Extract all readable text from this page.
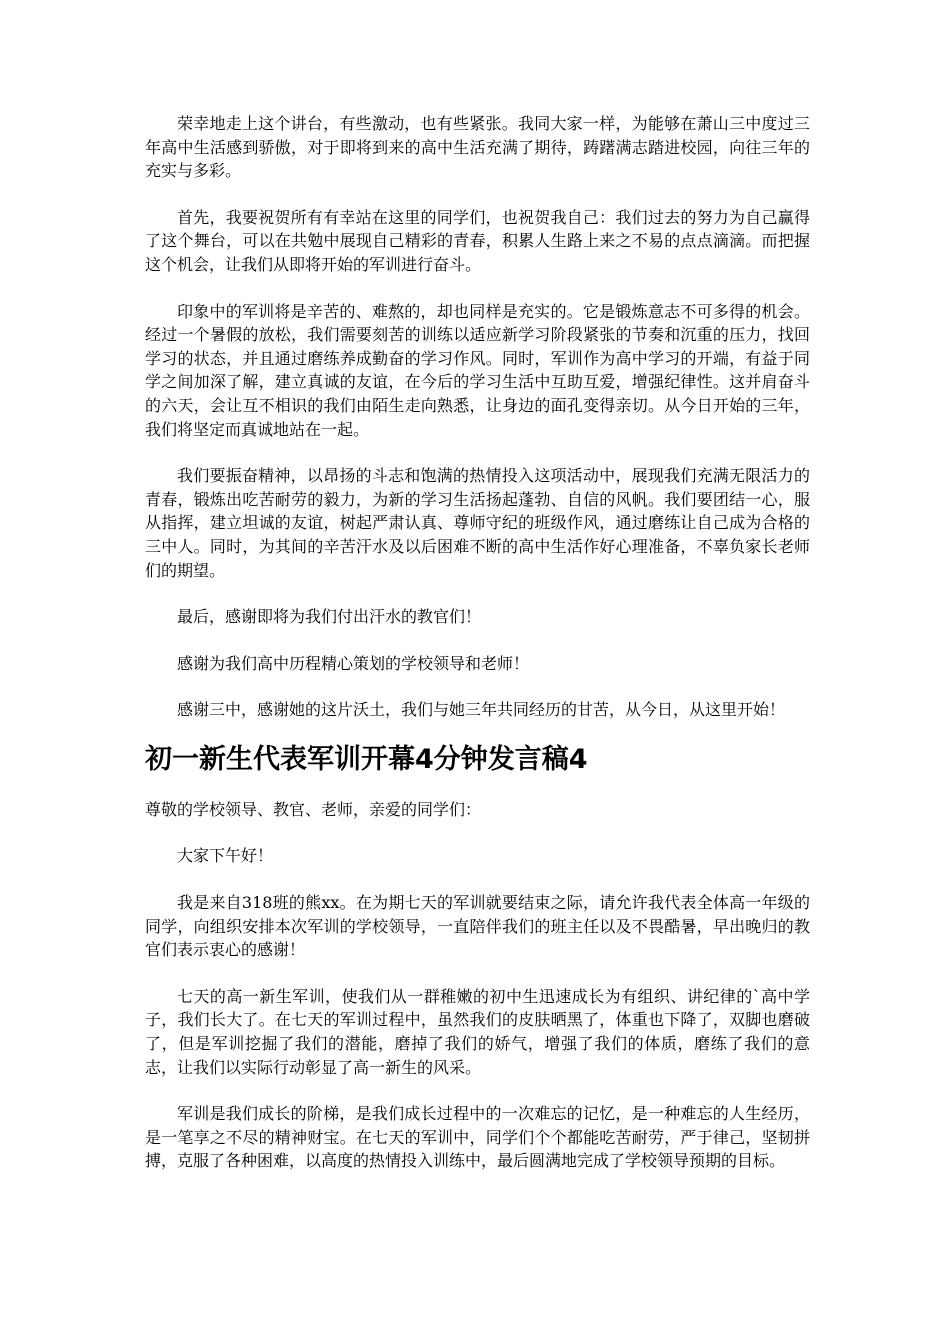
荣幸地走上这个讲台，有些激动，也有些紧张。我同大家一样，为能够在萧山三中度过三年高中生活感到骄傲，对于即将到来的高中生活充满了期待，踌躇满志踏进校园，向往三年的充实与多彩。

首先，我要祝贺所有有幸站在这里的同学们，也祝贺我自己：我们过去的努力为自己赢得了这个舞台，可以在共勉中展现自己精彩的青春，积累人生路上来之不易的点点滴滴。而把握这个机会，让我们从即将开始的军训进行奋斗。

印象中的军训将是辛苦的、难熬的，却也同样是充实的。它是锻炼意志不可多得的机会。经过一个暑假的放松，我们需要刻苦的训练以适应新学习阶段紧张的节奏和沉重的压力，找回学习的状态，并且通过磨练养成勤奋的学习作风。同时，军训作为高中学习的开端，有益于同学之间加深了解，建立真诚的友谊，在今后的学习生活中互助互爱，增强纪律性。这并肩奋斗的六天，会让互不相识的我们由陌生走向熟悉，让身边的面孔变得亲切。从今日开始的三年，我们将坚定而真诚地站在一起。

我们要振奋精神，以昂扬的斗志和饱满的热情投入这项活动中，展现我们充满无限活力的青春，锻炼出吃苦耐劳的毅力，为新的学习生活扬起蓬勃、自信的风帆。我们要团结一心，服从指挥，建立坦诚的友谊，树起严肃认真、尊师守纪的班级作风，通过磨练让自己成为合格的三中人。同时，为其间的辛苦汗水及以后困难不断的高中生活作好心理准备，不辜负家长老师们的期望。

最后，感谢即将为我们付出汗水的教官们！

感谢为我们高中历程精心策划的学校领导和老师！

感谢三中，感谢她的这片沃土，我们与她三年共同经历的甘苦，从今日，从这里开始！

初一新生代表军训开幕4分钟发言稿4

尊敬的学校领导、教官、老师，亲爱的同学们：

大家下午好！

我是来自318班的熊xx。在为期七天的军训就要结束之际，请允许我代表全体高一年级的同学，向组织安排本次军训的学校领导，一直陪伴我们的班主任以及不畏酷暑，早出晚归的教官们表示衷心的感谢！

七天的高一新生军训，使我们从一群稚嫩的初中生迅速成长为有组织、讲纪律的`高中学子，我们长大了。在七天的军训过程中，虽然我们的皮肤晒黑了，体重也下降了，双脚也磨破了，但是军训挖掘了我们的潜能，磨掉了我们的娇气，增强了我们的体质，磨练了我们的意志，让我们以实际行动彰显了高一新生的风采。

军训是我们成长的阶梯，是我们成长过程中的一次难忘的记忆，是一种难忘的人生经历，是一笔享之不尽的精神财宝。在七天的军训中，同学们个个都能吃苦耐劳，严于律己，坚韧拼搏，克服了各种困难，以高度的热情投入训练中，最后圆满地完成了学校领导预期的目标。
